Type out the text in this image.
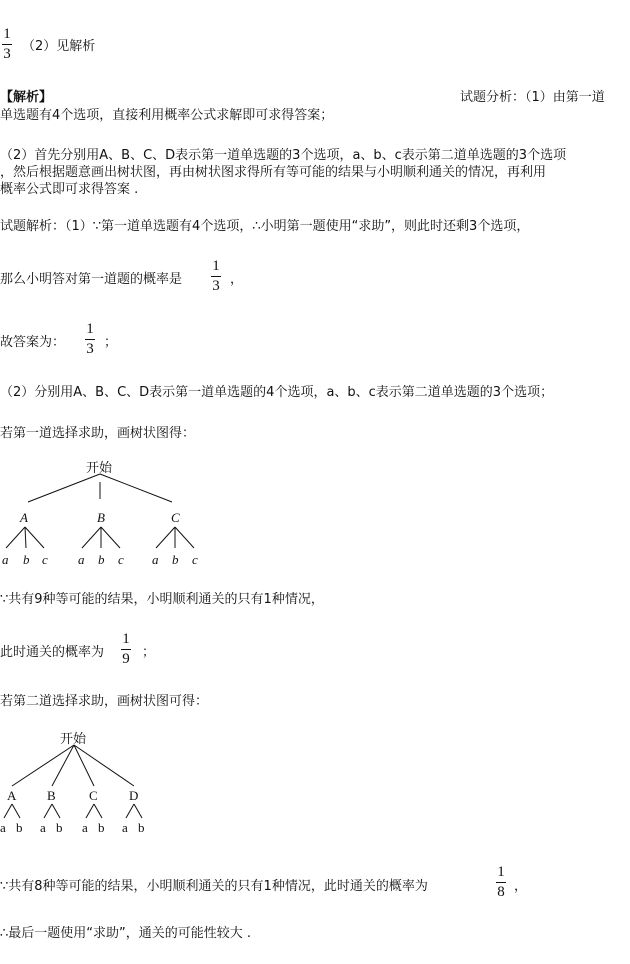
1
3 （2）见解析
【解析】	试题分析：（1）由第一道
单选题有4个选项，直接利用概率公式求解即可求得答案；
（2）首先分别用A、B、C、D表示第一道单选题的3个选项，a、b、c表示第二道单选题的3个选项
，然后根据题意画出树状图，再由树状图求得所有等可能的结果与小明顺利通关的情况，再利用
概率公式即可求得答案 .
试题解析：（1）∵第一道单选题有4个选项，∴小明第一题使用“求助”，则此时还剩3个选项，
那么小明答对第一道题的概率是
1
3 ，
故答案为：
1
3 ；
（2）分别用A、B、C、D表示第一道单选题的4个选项，a、b、c表示第二道单选题的3个选项；
若第一道选择求助，画树状图得：
开始
A	B	C
a b c a b c a b c
∵共有9种等可能的结果，小明顺利通关的只有1种情况，
此时通关的概率为
1
9 ；
若第二道选择求助，画树状图可得：
开始
A B	C D
a b a b a b a b
∵共有8种等可能的结果，小明顺利通关的只有1种情况，此时通关的概率为
1
8 ，
∴最后一题使用“求助”，通关的可能性较大 .
